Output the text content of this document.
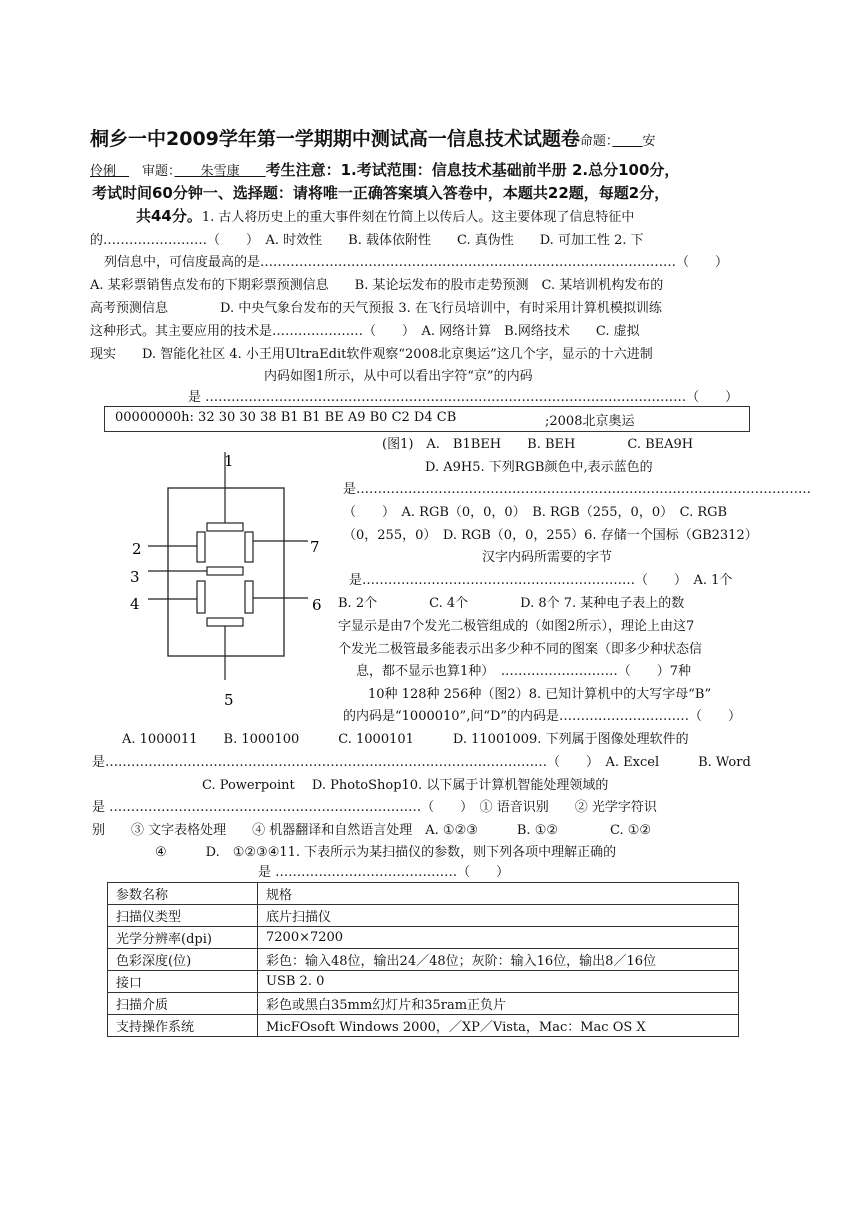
桐乡一中2009学年第一学期期中测试高一信息技术试题卷命题：　　 安
伶俐　　 审题：　　 朱雪康　　 考生注意：1.考试范围：信息技术基础前半册 2.总分100分，
考试时间60分钟一、选择题：请将唯一正确答案填入答卷中，本题共22题，每题2分，
共44分。1. 古人将历史上的重大事件刻在竹简上以传后人。这主要体现了信息特征中
的……………………（　　）　A. 时效性　　B. 载体依附性　　C. 真伪性　　D. 可加工性 2. 下
列信息中，可信度最高的是……………………………………………………………………………………（　　）
A. 某彩票销售点发布的下期彩票预测信息　　B. 某论坛发布的股市走势预测　C. 某培训机构发布的
高考预测信息　　　　D. 中央气象台发布的天气预报 3. 在飞行员培训中，有时采用计算机模拟训练
这种形式。其主要应用的技术是…………………（　　）　A. 网络计算　B.网络技术　　C. 虚拟
现实　　D. 智能化社区 4. 小王用UltraEdit软件观察“2008北京奥运”这几个字，显示的十六进制
内码如图1所示，从中可以看出字符“京”的内码
是 …………………………………………………………………………………………………（　　）
00000000h: 32 30 30 38 B1 B1 BE A9 B0 C2 D4 CB	;2008北京奥运
(图1)　A.　B1BEH　　B. BEH　　　　C. BEA9H
D. A9H5. 下列RGB颜色中,表示蓝色的
是……………………………………………………………………………………………
（　　）　A. RGB（0，0，0）　B. RGB（255，0，0）　C. RGB
（0，255，0）　D. RGB（0，0，255）6. 存储一个国标（GB2312）
汉字内码所需要的字节
是………………………………………………………（　　）　A. 1个
B. 2个　　　　C. 4个　　　　D. 8个 7. 某种电子表上的数
字显示是由7个发光二极管组成的（如图2所示），理论上由这7
个发光二极管最多能表示出多少种不同的图案（即多少种状态信
息，都不显示也算1种）　………………………（　　）7种
10种 128种 256种（图2）8. 已知计算机中的大写字母“B”
的内码是“1000010”,问“D”的内码是…………………………（　　）
A. 1000011　　B. 1000100　　　C. 1000101　　　D. 11001009. 下列属于图像处理软件的
是…………………………………………………………………………………………（　　）　A. Excel　　　B. Word
C. Powerpoint　 D. PhotoShop10. 以下属于计算机智能处理领域的
是 ………………………………………………………………（　　）　① 语音识别　　② 光学字符识
别　　③ 文字表格处理　　④ 机器翻译和自然语言处理　A. ①②③　　　B. ①②　　　　C. ①②
④　　　D.　①②③④11. 下表所示为某扫描仪的参数，则下列各项中理解正确的
是 ……………………………………（　　）
1
2
3
4
5
6
7
参数名称	规格
扫描仪类型	底片扫描仪
光学分辨率(dpi)	7200×7200
色彩深度(位)	彩色：输入48位，输出24／48位；灰阶：输入16位，输出8／16位
接口	USB 2. 0
扫描介质	彩色或黑白35mm幻灯片和35ram正负片
支持操作系统	MicFOsoft Windows 2000，／XP／Vista，Mac：Mac OS X
